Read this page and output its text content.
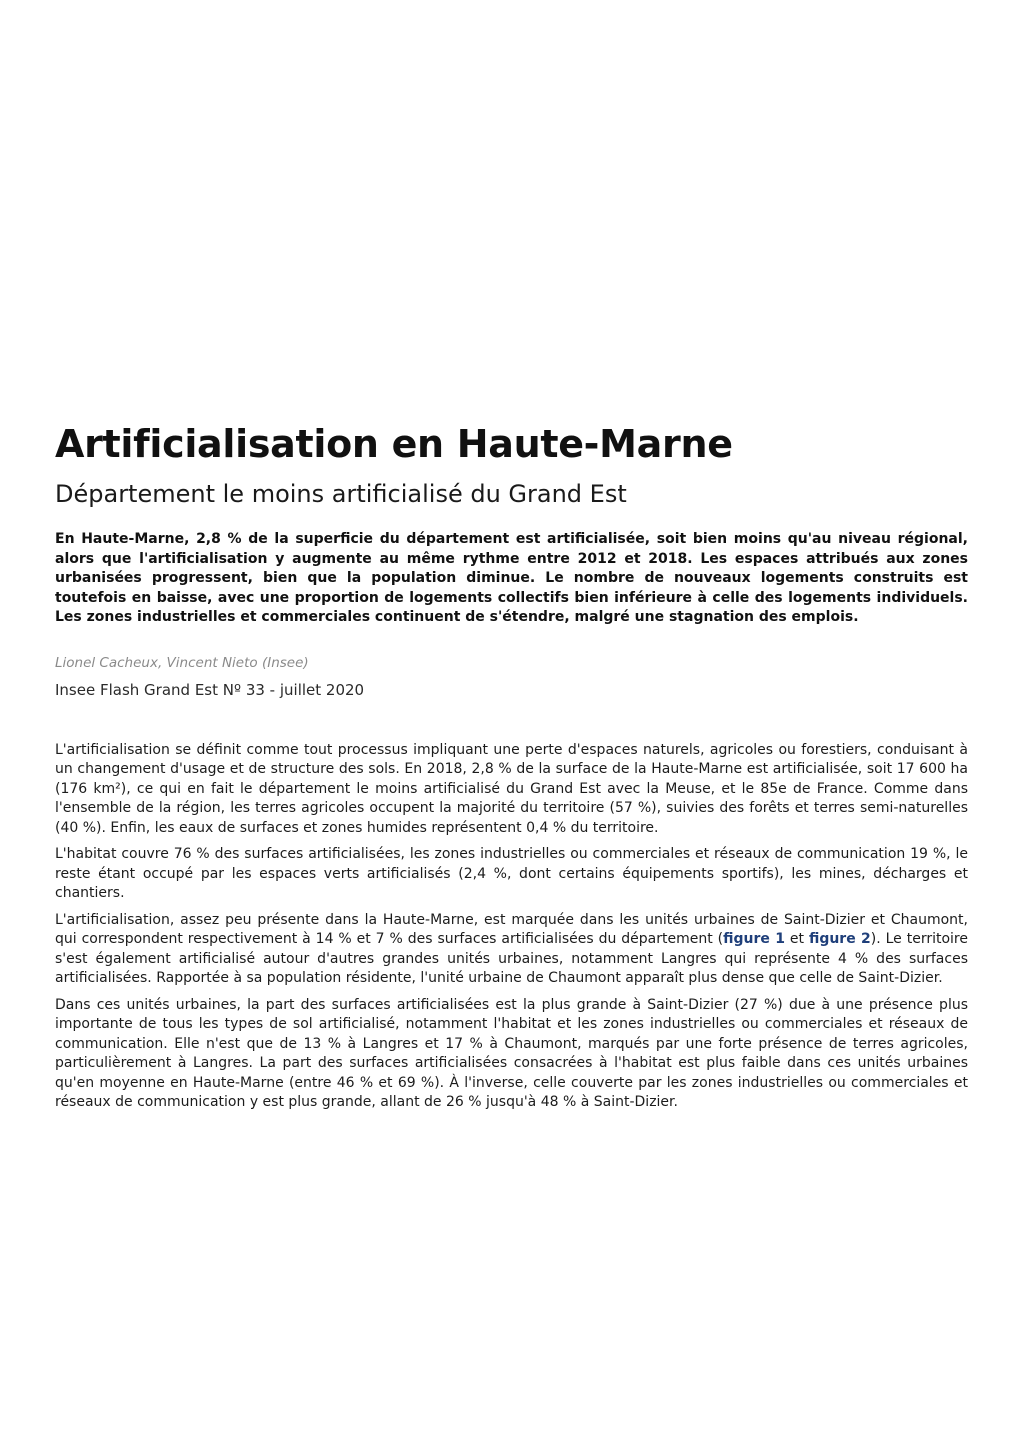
Artificialisation en Haute-Marne
Département le moins artificialisé du Grand Est

En Haute-Marne, 2,8 % de la superficie du département est artificialisée, soit bien moins qu'au niveau régional, alors que l'artificialisation y augmente au même rythme entre 2012 et 2018. Les espaces attribués aux zones urbanisées progressent, bien que la population diminue. Le nombre de nouveaux logements construits est toutefois en baisse, avec une proportion de logements collectifs bien inférieure à celle des logements individuels. Les zones industrielles et commerciales continuent de s'étendre, malgré une stagnation des emplois.

Lionel Cacheux, Vincent Nieto (Insee)

Insee Flash Grand Est Nº 33 - juillet 2020

L'artificialisation se définit comme tout processus impliquant une perte d'espaces naturels, agricoles ou forestiers, conduisant à un changement d'usage et de structure des sols. En 2018, 2,8 % de la surface de la Haute-Marne est artificialisée, soit 17 600 ha (176 km²), ce qui en fait le département le moins artificialisé du Grand Est avec la Meuse, et le 85e de France. Comme dans l'ensemble de la région, les terres agricoles occupent la majorité du territoire (57 %), suivies des forêts et terres semi-naturelles (40 %). Enfin, les eaux de surfaces et zones humides représentent 0,4 % du territoire.

L'habitat couvre 76 % des surfaces artificialisées, les zones industrielles ou commerciales et réseaux de communication 19 %, le reste étant occupé par les espaces verts artificialisés (2,4 %, dont certains équipements sportifs), les mines, décharges et chantiers.

L'artificialisation, assez peu présente dans la Haute-Marne, est marquée dans les unités urbaines de Saint-Dizier et Chaumont, qui correspondent respectivement à 14 % et 7 % des surfaces artificialisées du département (figure 1 et figure 2). Le territoire s'est également artificialisé autour d'autres grandes unités urbaines, notamment Langres qui représente 4 % des surfaces artificialisées. Rapportée à sa population résidente, l'unité urbaine de Chaumont apparaît plus dense que celle de Saint-Dizier.

Dans ces unités urbaines, la part des surfaces artificialisées est la plus grande à Saint-Dizier (27 %) due à une présence plus importante de tous les types de sol artificialisé, notamment l'habitat et les zones industrielles ou commerciales et réseaux de communication. Elle n'est que de 13 % à Langres et 17 % à Chaumont, marqués par une forte présence de terres agricoles, particulièrement à Langres. La part des surfaces artificialisées consacrées à l'habitat est plus faible dans ces unités urbaines qu'en moyenne en Haute-Marne (entre 46 % et 69 %). À l'inverse, celle couverte par les zones industrielles ou commerciales et réseaux de communication y est plus grande, allant de 26 % jusqu'à 48 % à Saint-Dizier.
